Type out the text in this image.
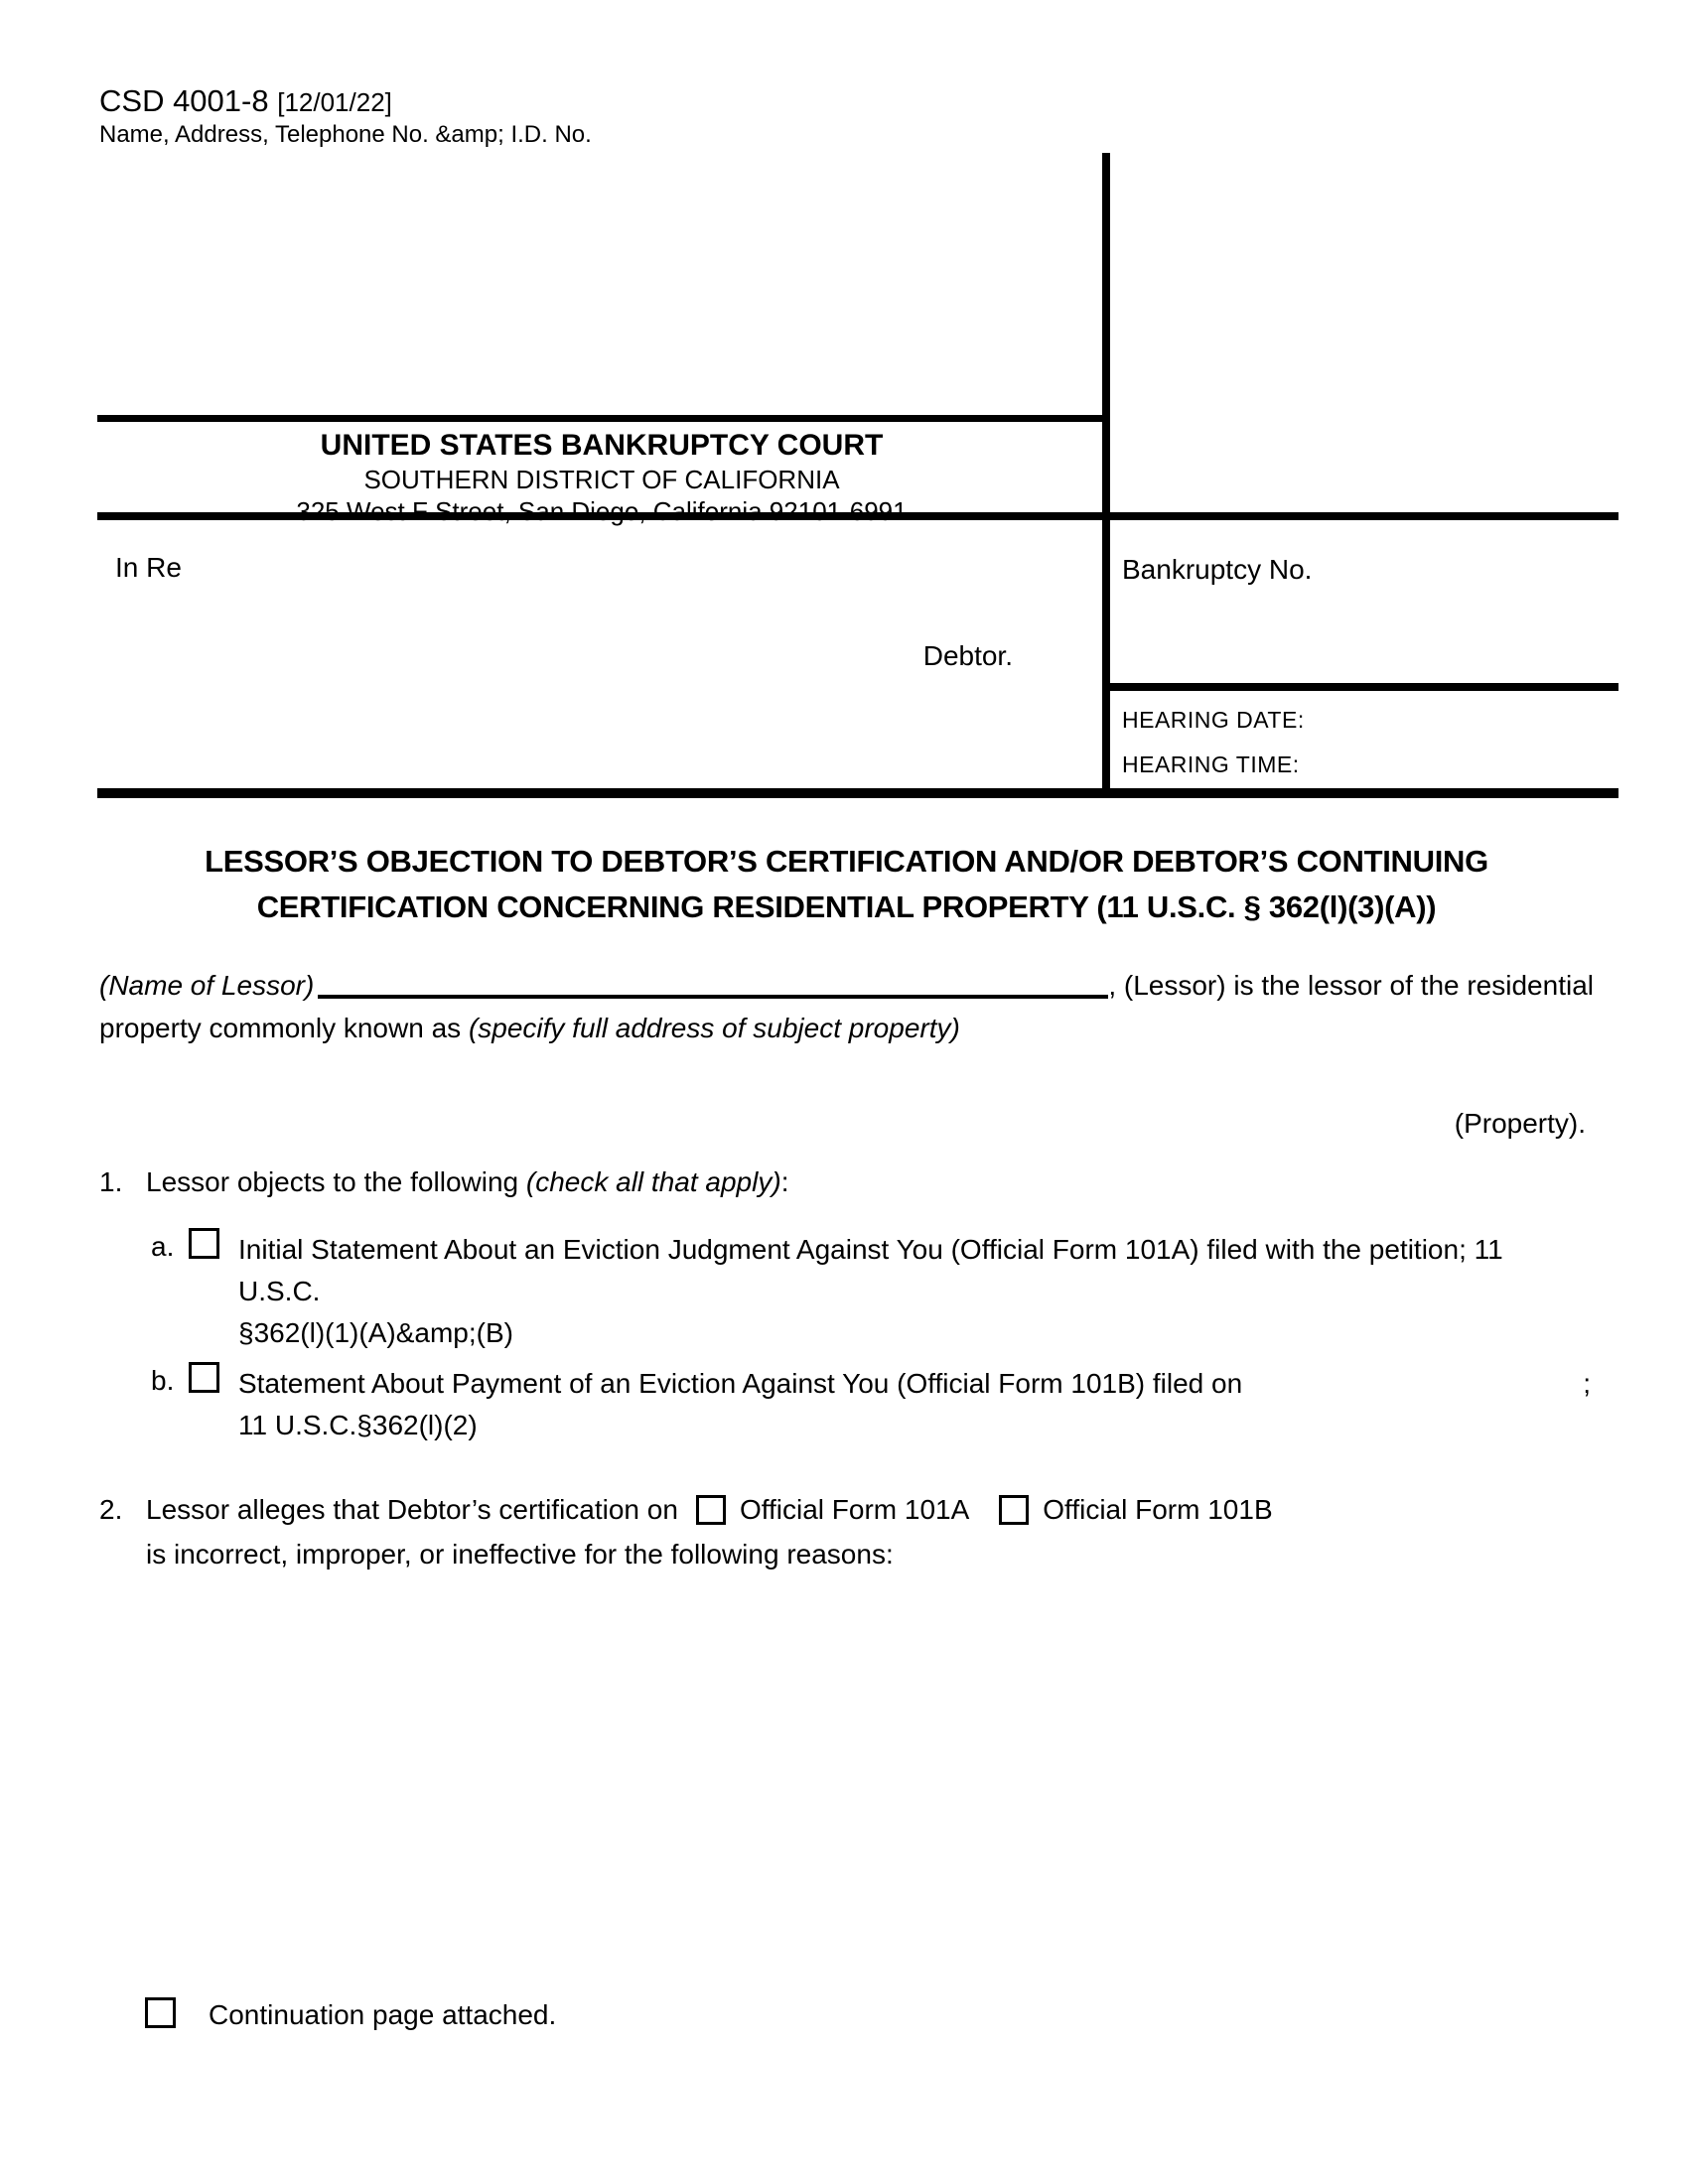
CSD 4001-8 [12/01/22]
Name, Address, Telephone No. &amp; I.D. No.
UNITED STATES BANKRUPTCY COURT
SOUTHERN DISTRICT OF CALIFORNIA
325 West F Street, San Diego, California 92101-6991
In Re
Debtor.
Bankruptcy No.
HEARING DATE:
HEARING TIME:
LESSOR’S OBJECTION TO DEBTOR’S CERTIFICATION AND/OR DEBTOR’S CONTINUING
CERTIFICATION CONCERNING RESIDENTIAL PROPERTY (11 U.S.C. § 362(l)(3)(A))
(Name of Lessor)	, (Lessor) is the lessor of the residential
property commonly known as (specify full address of subject property)
(Property).
1. Lessor objects to the following (check all that apply):
a. Initial Statement About an Eviction Judgment Against You (Official Form 101A) filed with the petition; 11 U.S.C.
§362(l)(1)(A)&amp;(B)
b. Statement About Payment of an Eviction Against You (Official Form 101B) filed on	;
11 U.S.C.§362(l)(2)
2. Lessor alleges that Debtor’s certification on Official Form 101A	Official Form 101B
is incorrect, improper, or ineffective for the following reasons:
Continuation page attached.
